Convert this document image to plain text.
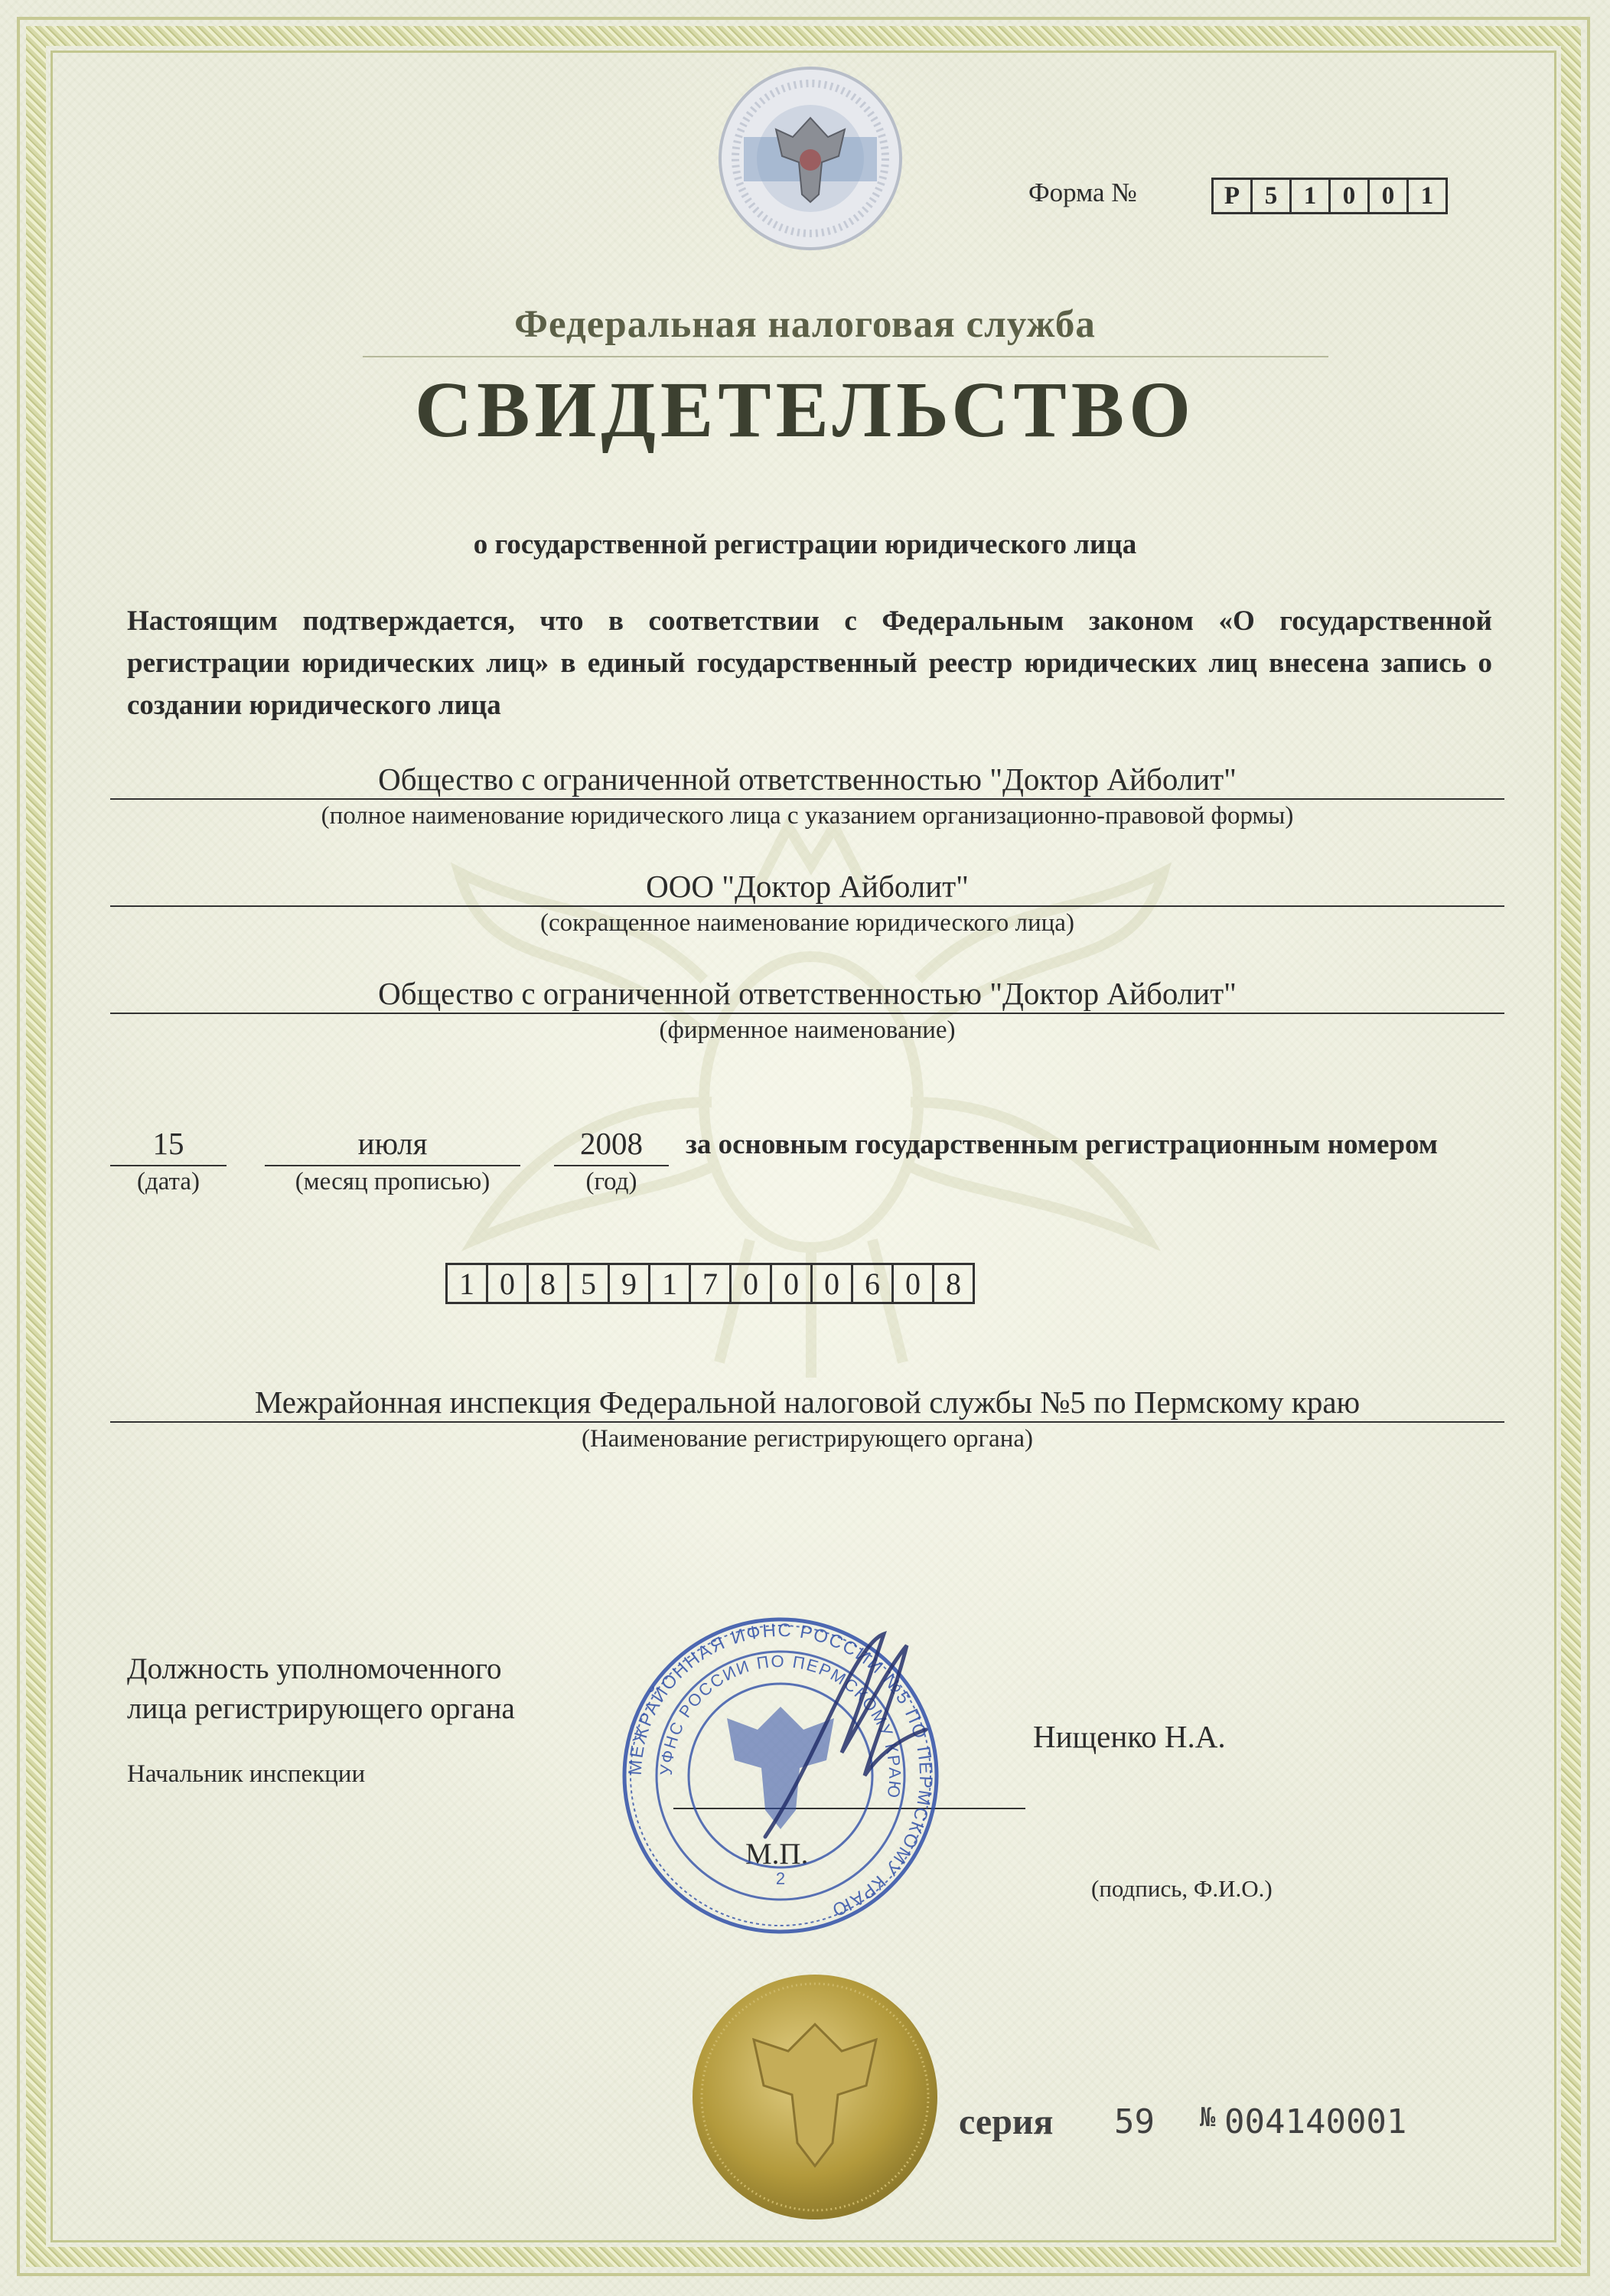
Форма №	Р 5	1	0	0	1
Федеральная налоговая служба
СВИДЕТЕЛЬСТВО
о государственной регистрации юридического лица
Настоящим подтверждается, что в соответствии с Федеральным законом «О государственной регистрации юридических лиц» в единый государственный реестр юридических лиц внесена запись о создании юридического лица
Общество с ограниченной ответственностью "Доктор Айболит"
(полное наименование юридического лица с указанием организационно-правовой формы)
ООО "Доктор Айболит"
(сокращенное наименование юридического лица)
Общество с ограниченной ответственностью "Доктор Айболит"
(фирменное наименование)
15
(дата)
июля
(месяц прописью)
2008
(год)
за основным государственным регистрационным номером
1 0 8 5 9 1 7 0 0 0 6 0 8
Межрайонная инспекция Федеральной налоговой службы №5 по Пермскому краю
(Наименование регистрирующего органа)
Должность уполномоченного
лица регистрирующего органа
Начальник инспекции
Нищенко Н.А.
М.П.
(подпись, Ф.И.О.)
МЕЖРАЙОННАЯ ИФНС РОССИИ №5 ПО ПЕРМСКОМУ КРАЮ
УФНС РОССИИ ПО ПЕРМСКОМУ КРАЮ
2
серия 59 № 004140001
